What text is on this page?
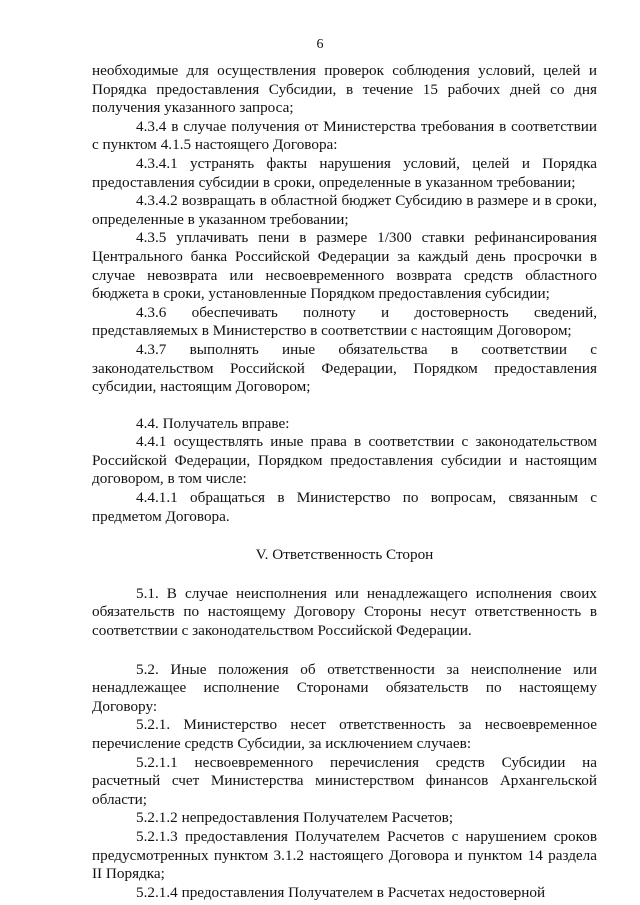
6

необходимые для осуществления проверок соблюдения условий, целей и Порядка предоставления Субсидии, в течение 15 рабочих дней со дня получения указанного запроса;

4.3.4 в случае получения от Министерства требования в соответствии с пунктом 4.1.5 настоящего Договора:

4.3.4.1 устранять факты нарушения условий, целей и Порядка предоставления субсидии в сроки, определенные в указанном требовании;

4.3.4.2 возвращать в областной бюджет Субсидию в размере и в сроки, определенные в указанном требовании;

4.3.5 уплачивать пени в размере 1/300 ставки рефинансирования Центрального банка Российской Федерации за каждый день просрочки в случае невозврата или несвоевременного возврата средств областного бюджета в сроки, установленные Порядком предоставления субсидии;

4.3.6 обеспечивать полноту и достоверность сведений, представляемых в Министерство в соответствии с настоящим Договором;

4.3.7 выполнять иные обязательства в соответствии с законодательством Российской Федерации, Порядком предоставления субсидии, настоящим Договором;

4.4. Получатель вправе:

4.4.1 осуществлять иные права в соответствии с законодательством Российской Федерации, Порядком предоставления субсидии и настоящим договором, в том числе:

4.4.1.1 обращаться в Министерство по вопросам, связанным с предметом Договора.

V. Ответственность Сторон

5.1. В случае неисполнения или ненадлежащего исполнения своих обязательств по настоящему Договору Стороны несут ответственность в соответствии с законодательством Российской Федерации.

5.2. Иные положения об ответственности за неисполнение или ненадлежащее исполнение Сторонами обязательств по настоящему Договору:

5.2.1. Министерство несет ответственность за несвоевременное перечисление средств Субсидии, за исключением случаев:

5.2.1.1 несвоевременного перечисления средств Субсидии на расчетный счет Министерства министерством финансов Архангельской области;

5.2.1.2 непредоставления Получателем Расчетов;

5.2.1.3 предоставления Получателем Расчетов с нарушением сроков предусмотренных пунктом 3.1.2 настоящего Договора и пунктом 14 раздела II Порядка;

5.2.1.4 предоставления Получателем в Расчетах недостоверной
